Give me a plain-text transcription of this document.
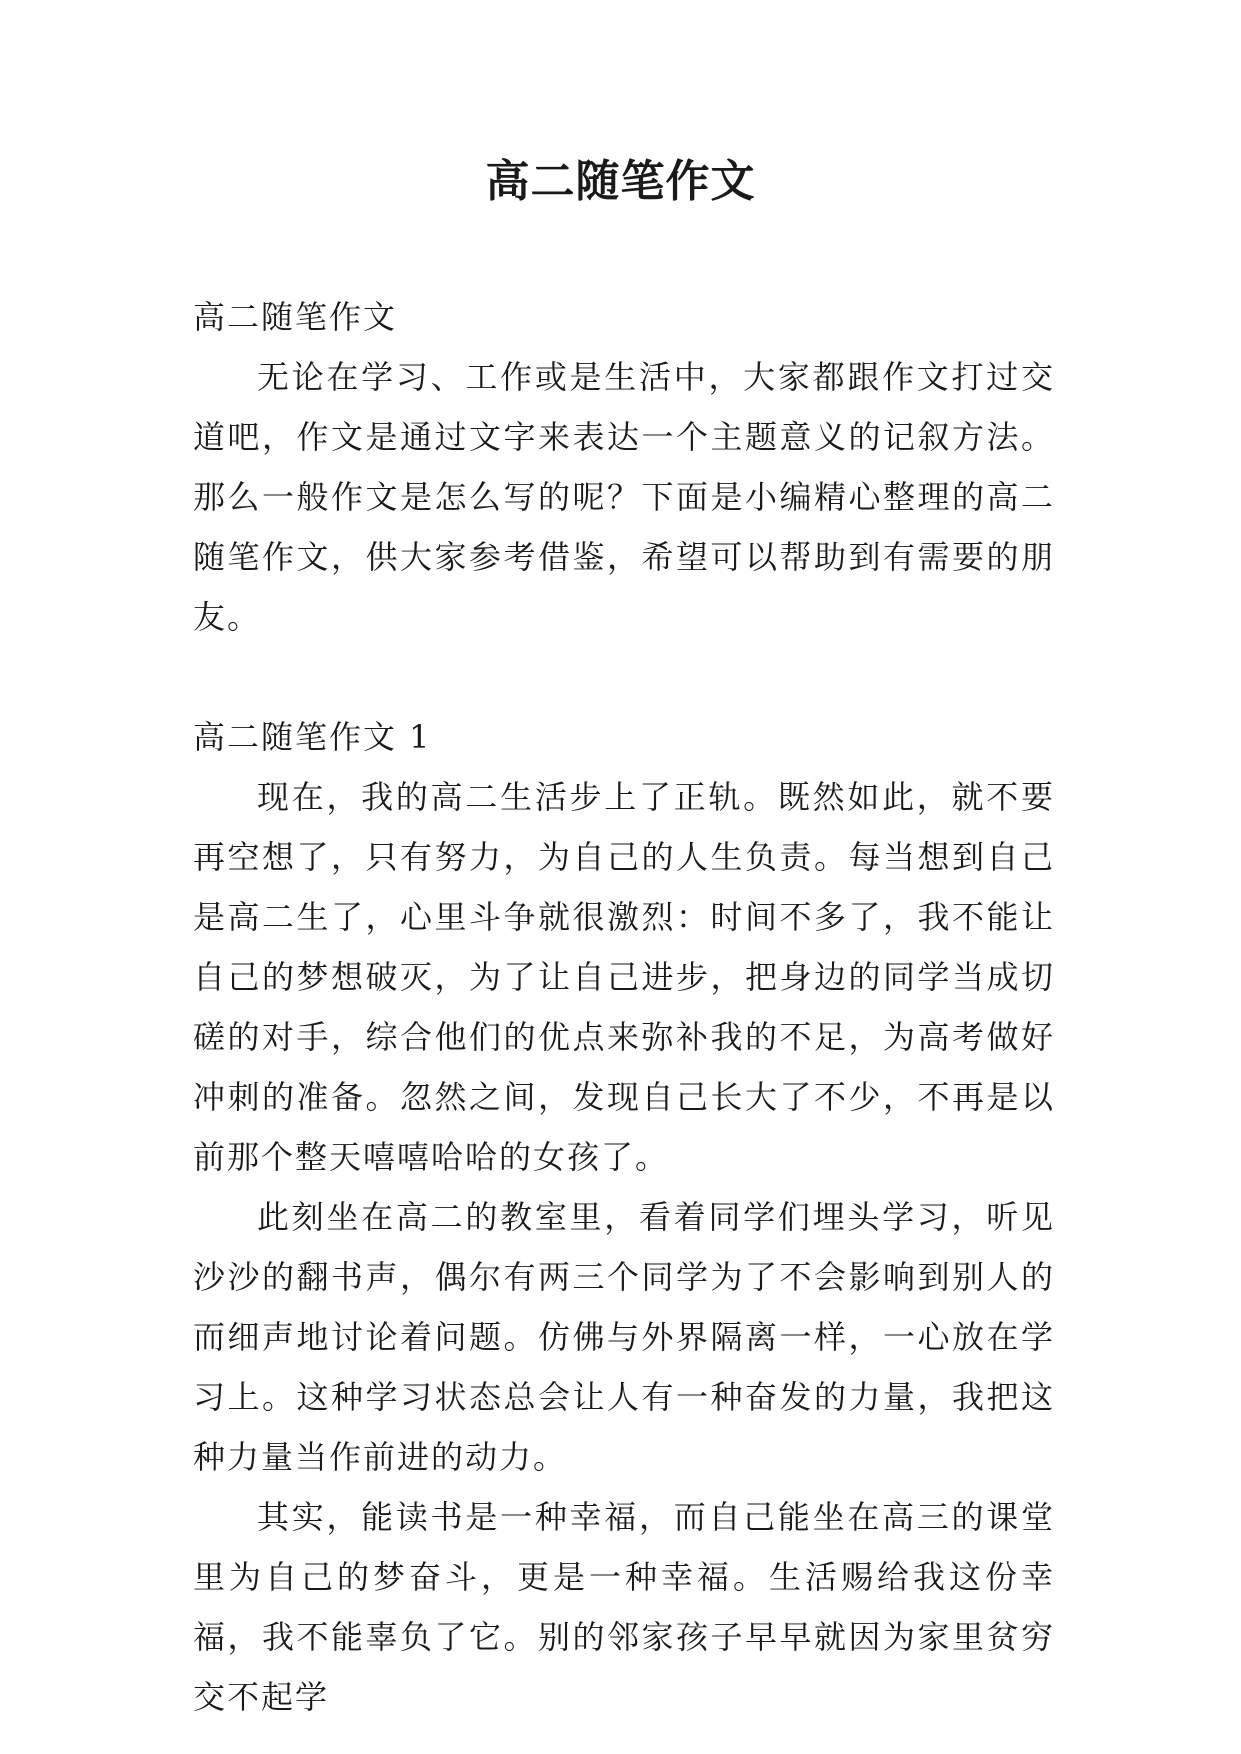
高二随笔作文

高二随笔作文

无论在学习、工作或是生活中，大家都跟作文打过交道吧，作文是通过文字来表达一个主题意义的记叙方法。那么一般作文是怎么写的呢？下面是小编精心整理的高二随笔作文，供大家参考借鉴，希望可以帮助到有需要的朋友。

高二随笔作文 1

现在，我的高二生活步上了正轨。既然如此，就不要再空想了，只有努力，为自己的人生负责。每当想到自己是高二生了，心里斗争就很激烈：时间不多了，我不能让自己的梦想破灭，为了让自己进步，把身边的同学当成切磋的对手，综合他们的优点来弥补我的不足，为高考做好冲刺的准备。忽然之间，发现自己长大了不少，不再是以前那个整天嘻嘻哈哈的女孩了。

此刻坐在高二的教室里，看着同学们埋头学习，听见沙沙的翻书声，偶尔有两三个同学为了不会影响到别人的而细声地讨论着问题。仿佛与外界隔离一样，一心放在学习上。这种学习状态总会让人有一种奋发的力量，我把这种力量当作前进的动力。

其实，能读书是一种幸福，而自己能坐在高三的课堂里为自己的梦奋斗，更是一种幸福。生活赐给我这份幸福，我不能辜负了它。别的邻家孩子早早就因为家里贫穷交不起学
